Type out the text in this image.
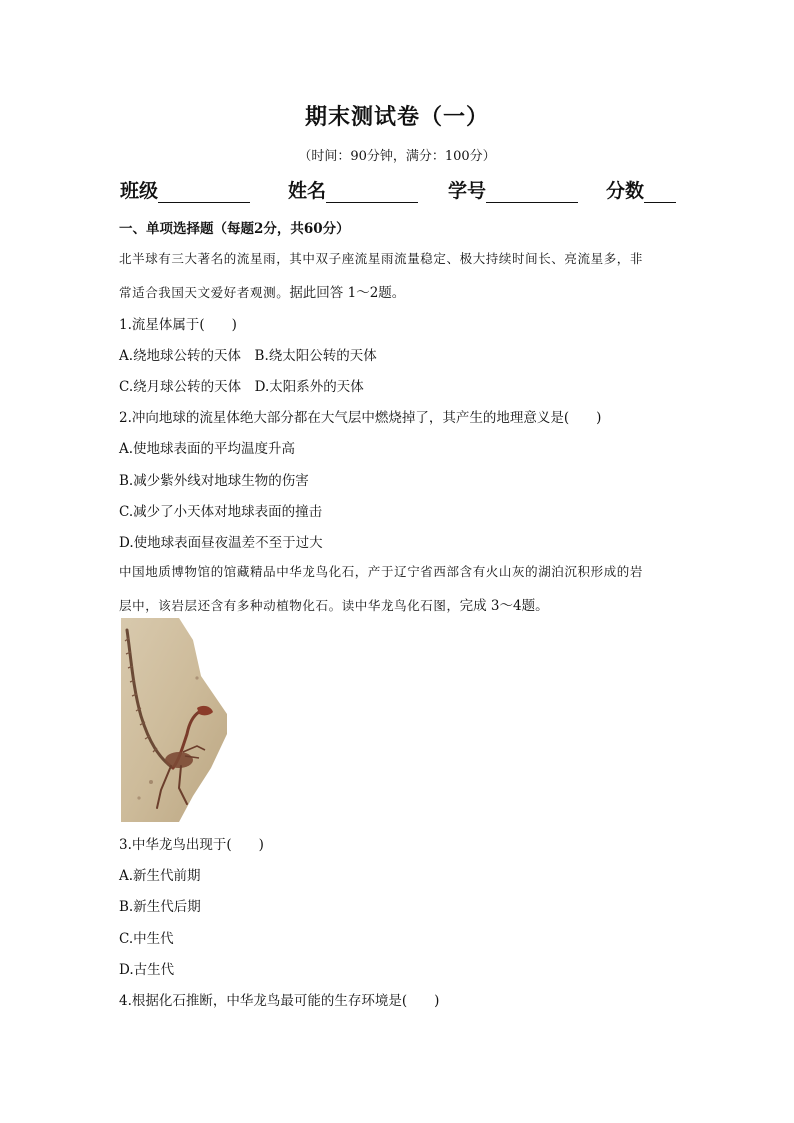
期末测试卷（一）
（时间：90分钟，满分：100分）
班级	姓名	学号	分数
一、单项选择题（每题2分，共60分）
北半球有三大著名的流星雨，其中双子座流星雨流量稳定、极大持续时间长、亮流星多，非
常适合我国天文爱好者观测。据此回答 1～2题。
1.流星体属于(　　)
A.绕地球公转的天体　B.绕太阳公转的天体
C.绕月球公转的天体　D.太阳系外的天体
2.冲向地球的流星体绝大部分都在大气层中燃烧掉了，其产生的地理意义是(　　)
A.使地球表面的平均温度升高
B.减少紫外线对地球生物的伤害
C.减少了小天体对地球表面的撞击
D.使地球表面昼夜温差不至于过大
中国地质博物馆的馆藏精品中华龙鸟化石，产于辽宁省西部含有火山灰的湖泊沉积形成的岩
层中，该岩层还含有多种动植物化石。读中华龙鸟化石图，完成 3～4题。
3.中华龙鸟出现于(　　)
A.新生代前期
B.新生代后期
C.中生代
D.古生代
4.根据化石推断，中华龙鸟最可能的生存环境是(　　)
